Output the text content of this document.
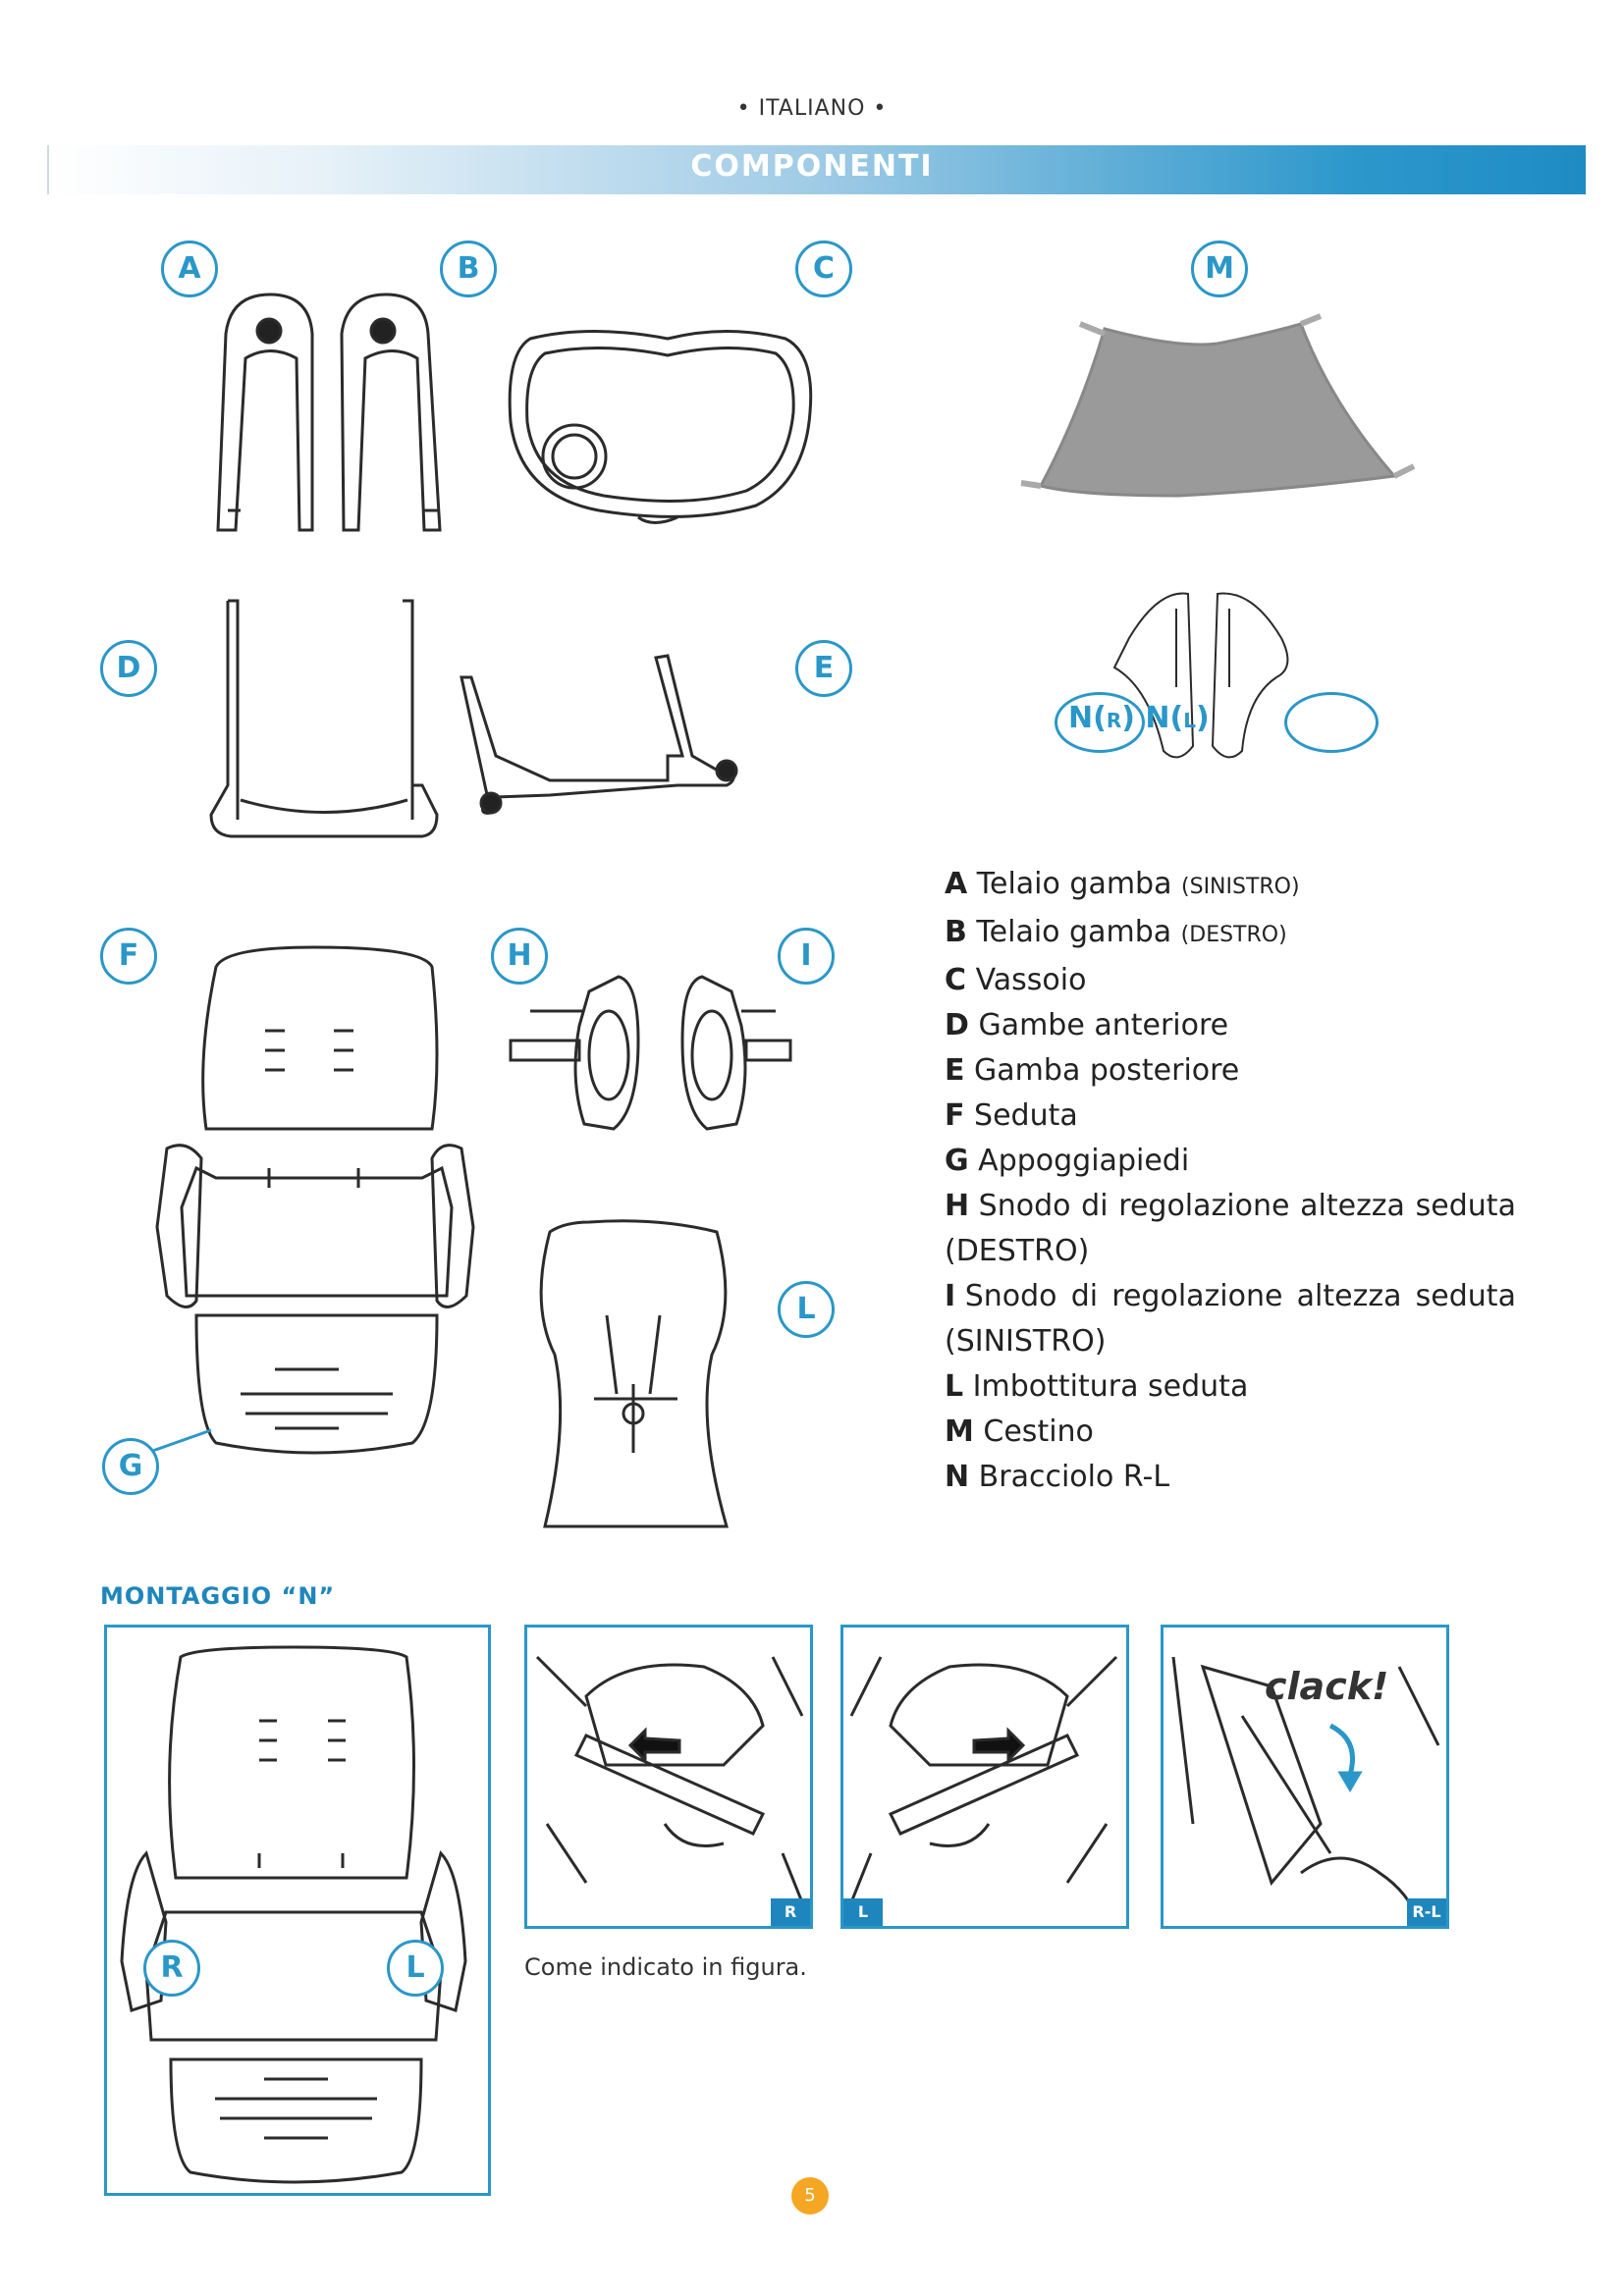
• ITALIANO •
COMPONENTI
A	B	C	M
D	E
F	H	I
L
G
N(R) N(L)
A Telaio gamba (SINISTRO)
B Telaio gamba (DESTRO)
C Vassoio
D Gambe anteriore
E Gamba posteriore
F Seduta
G Appoggiapiedi
H Snodo di regolazione altezza seduta
(DESTRO)
I Snodo di regolazione altezza seduta
(SINISTRO)
L Imbottitura seduta
M Cestino
N Bracciolo R-L
MONTAGGIO “N”
R	L
R	L	R-L
clack!
Come indicato in figura.
5
